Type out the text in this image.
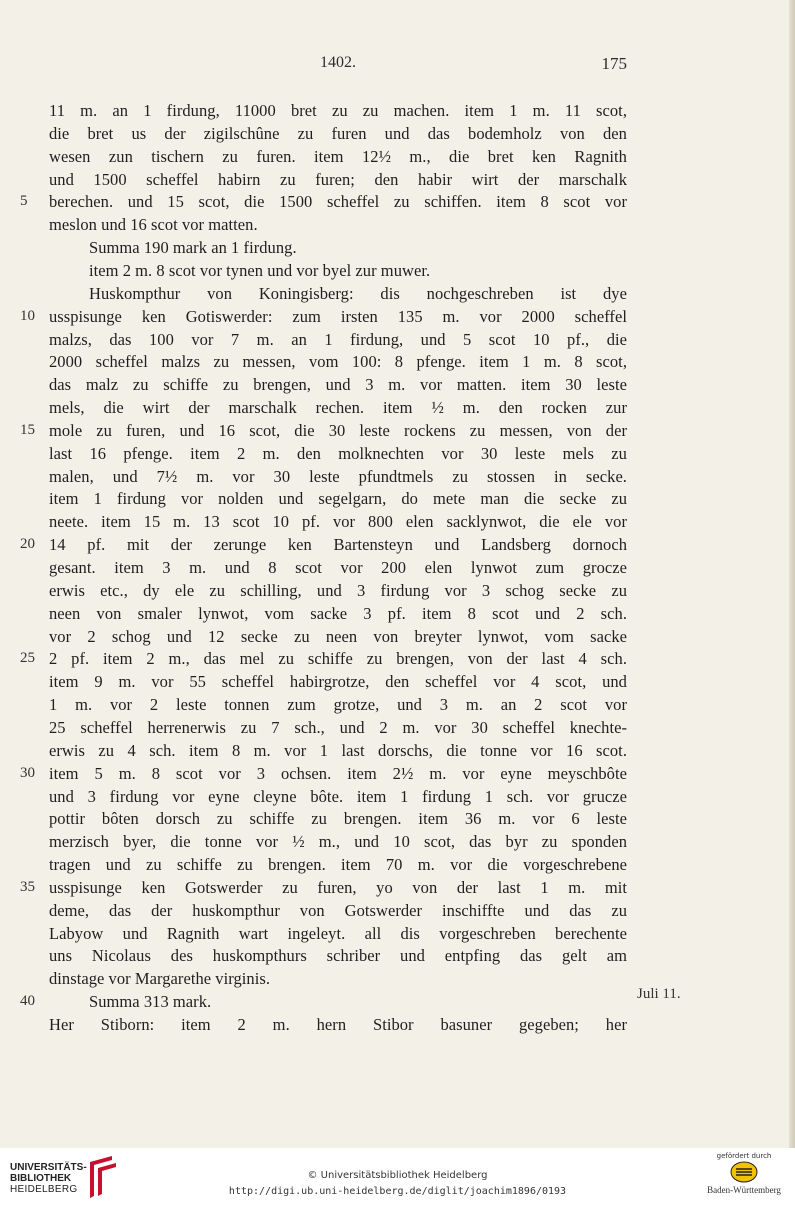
1402.	175
11 m. an 1 firdung, 11000 bret zu zu machen. item 1 m. 11 scot,
die bret us der zigilschûne zu furen und das bodemholz von den
wesen zun tischern zu furen. item 12½ m., die bret ken Ragnith
und 1500 scheffel habirn zu furen; den habir wirt der marschalk
5	berechen. und 15 scot, die 1500 scheffel zu schiffen. item 8 scot vor
meslon und 16 scot vor matten.
Summa 190 mark an 1 firdung.
item 2 m. 8 scot vor tynen und vor byel zur muwer.
Huskompthur von Koningisberg: dis nochgeschreben ist dye
10 usspisunge ken Gotiswerder: zum irsten 135 m. vor 2000 scheffel
malzs, das 100 vor 7 m. an 1 firdung, und 5 scot 10 pf., die
2000 scheffel malzs zu messen, vom 100: 8 pfenge. item 1 m. 8 scot,
das malz zu schiffe zu brengen, und 3 m. vor matten. item 30 leste
mels, die wirt der marschalk rechen. item ½ m. den rocken zur
15 mole zu furen, und 16 scot, die 30 leste rockens zu messen, von der
last 16 pfenge. item 2 m. den molknechten vor 30 leste mels zu
malen, und 7½ m. vor 30 leste pfundtmels zu stossen in secke.
item 1 firdung vor nolden und segelgarn, do mete man die secke zu
neete. item 15 m. 13 scot 10 pf. vor 800 elen sacklynwot, die ele vor
20 14 pf. mit der zerunge ken Bartensteyn und Landsberg dornoch
gesant. item 3 m. und 8 scot vor 200 elen lynwot zum grocze
erwis etc., dy ele zu schilling, und 3 firdung vor 3 schog secke zu
neen von smaler lynwot, vom sacke 3 pf. item 8 scot und 2 sch.
vor 2 schog und 12 secke zu neen von breyter lynwot, vom sacke
25 2 pf. item 2 m., das mel zu schiffe zu brengen, von der last 4 sch.
item 9 m. vor 55 scheffel habirgrotze, den scheffel vor 4 scot, und
1 m. vor 2 leste tonnen zum grotze, und 3 m. an 2 scot vor
25 scheffel herrenerwis zu 7 sch., und 2 m. vor 30 scheffel knechte-
erwis zu 4 sch. item 8 m. vor 1 last dorschs, die tonne vor 16 scot.
30 item 5 m. 8 scot vor 3 ochsen. item 2½ m. vor eyne meyschbôte
und 3 firdung vor eyne cleyne bôte. item 1 firdung 1 sch. vor grucze
pottir bôten dorsch zu schiffe zu brengen. item 36 m. vor 6 leste
merzisch byer, die tonne vor ½ m., und 10 scot, das byr zu sponden
tragen und zu schiffe zu brengen. item 70 m. vor die vorgeschrebene
35 usspisunge ken Gotswerder zu furen, yo von der last 1 m. mit
deme, das der huskompthur von Gotswerder inschiffte und das zu
Labyow und Ragnith wart ingeleyt. all dis vorgeschreben berechente
uns Nicolaus des huskompthurs schriber und entpfing das gelt am
dinstage vor Margarethe virginis.
40	Summa 313 mark.
Her Stiborn: item 2 m. hern Stibor basuner gegeben; her
Juli 11.
UNIVERSITÄTS-
BIBLIOTHEK
HEIDELBERG
© Universitätsbibliothek Heidelberg
http://digi.ub.uni-heidelberg.de/diglit/joachim1896/0193
gefördert durch
Baden-Württemberg
